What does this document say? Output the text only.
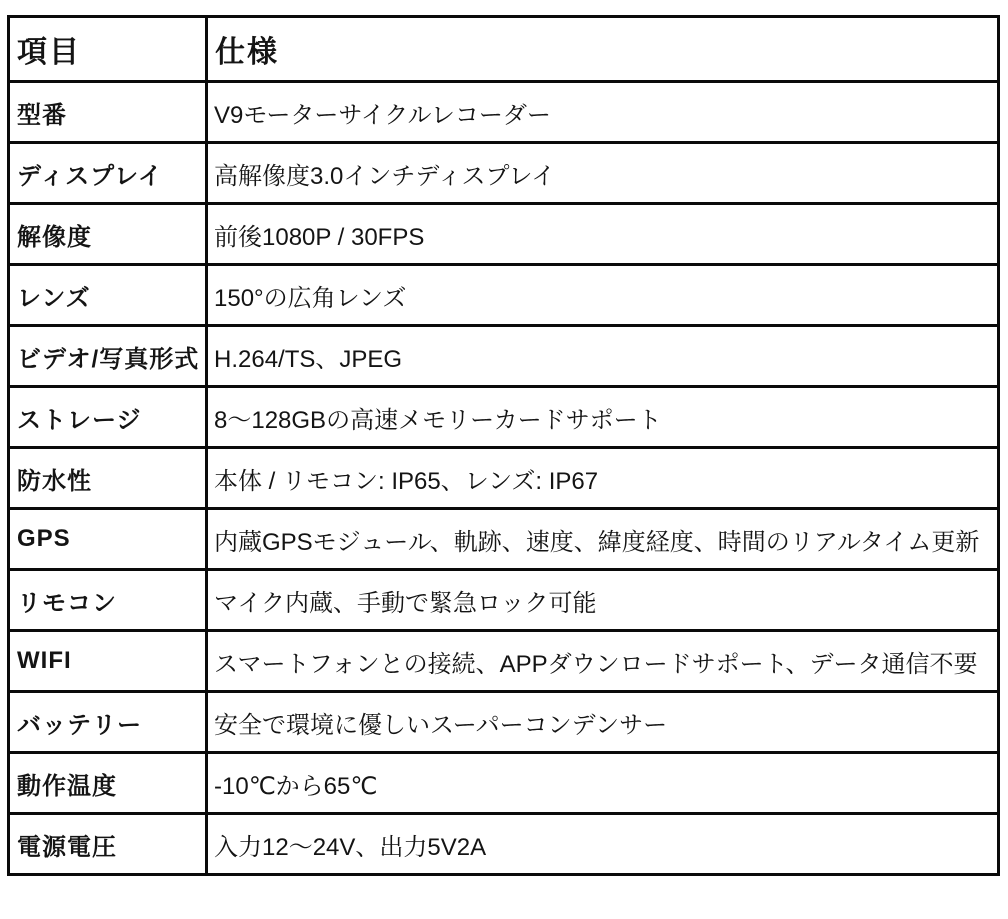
項目	仕様
型番	V9モーターサイクルレコーダー
ディスプレイ	高解像度3.0インチディスプレイ
解像度	前後1080P / 30FPS
レンズ	150°の広角レンズ
ビデオ/写真形式	H.264/TS、JPEG
ストレージ	8〜128GBの高速メモリーカードサポート
防水性	本体 / リモコン: IP65、レンズ: IP67
GPS	内蔵GPSモジュール、軌跡、速度、緯度経度、時間のリアルタイム更新
リモコン	マイク内蔵、手動で緊急ロック可能
WIFI	スマートフォンとの接続、APPダウンロードサポート、データ通信不要
バッテリー	安全で環境に優しいスーパーコンデンサー
動作温度	-10℃から65℃
電源電圧	入力12〜24V、出力5V2A
